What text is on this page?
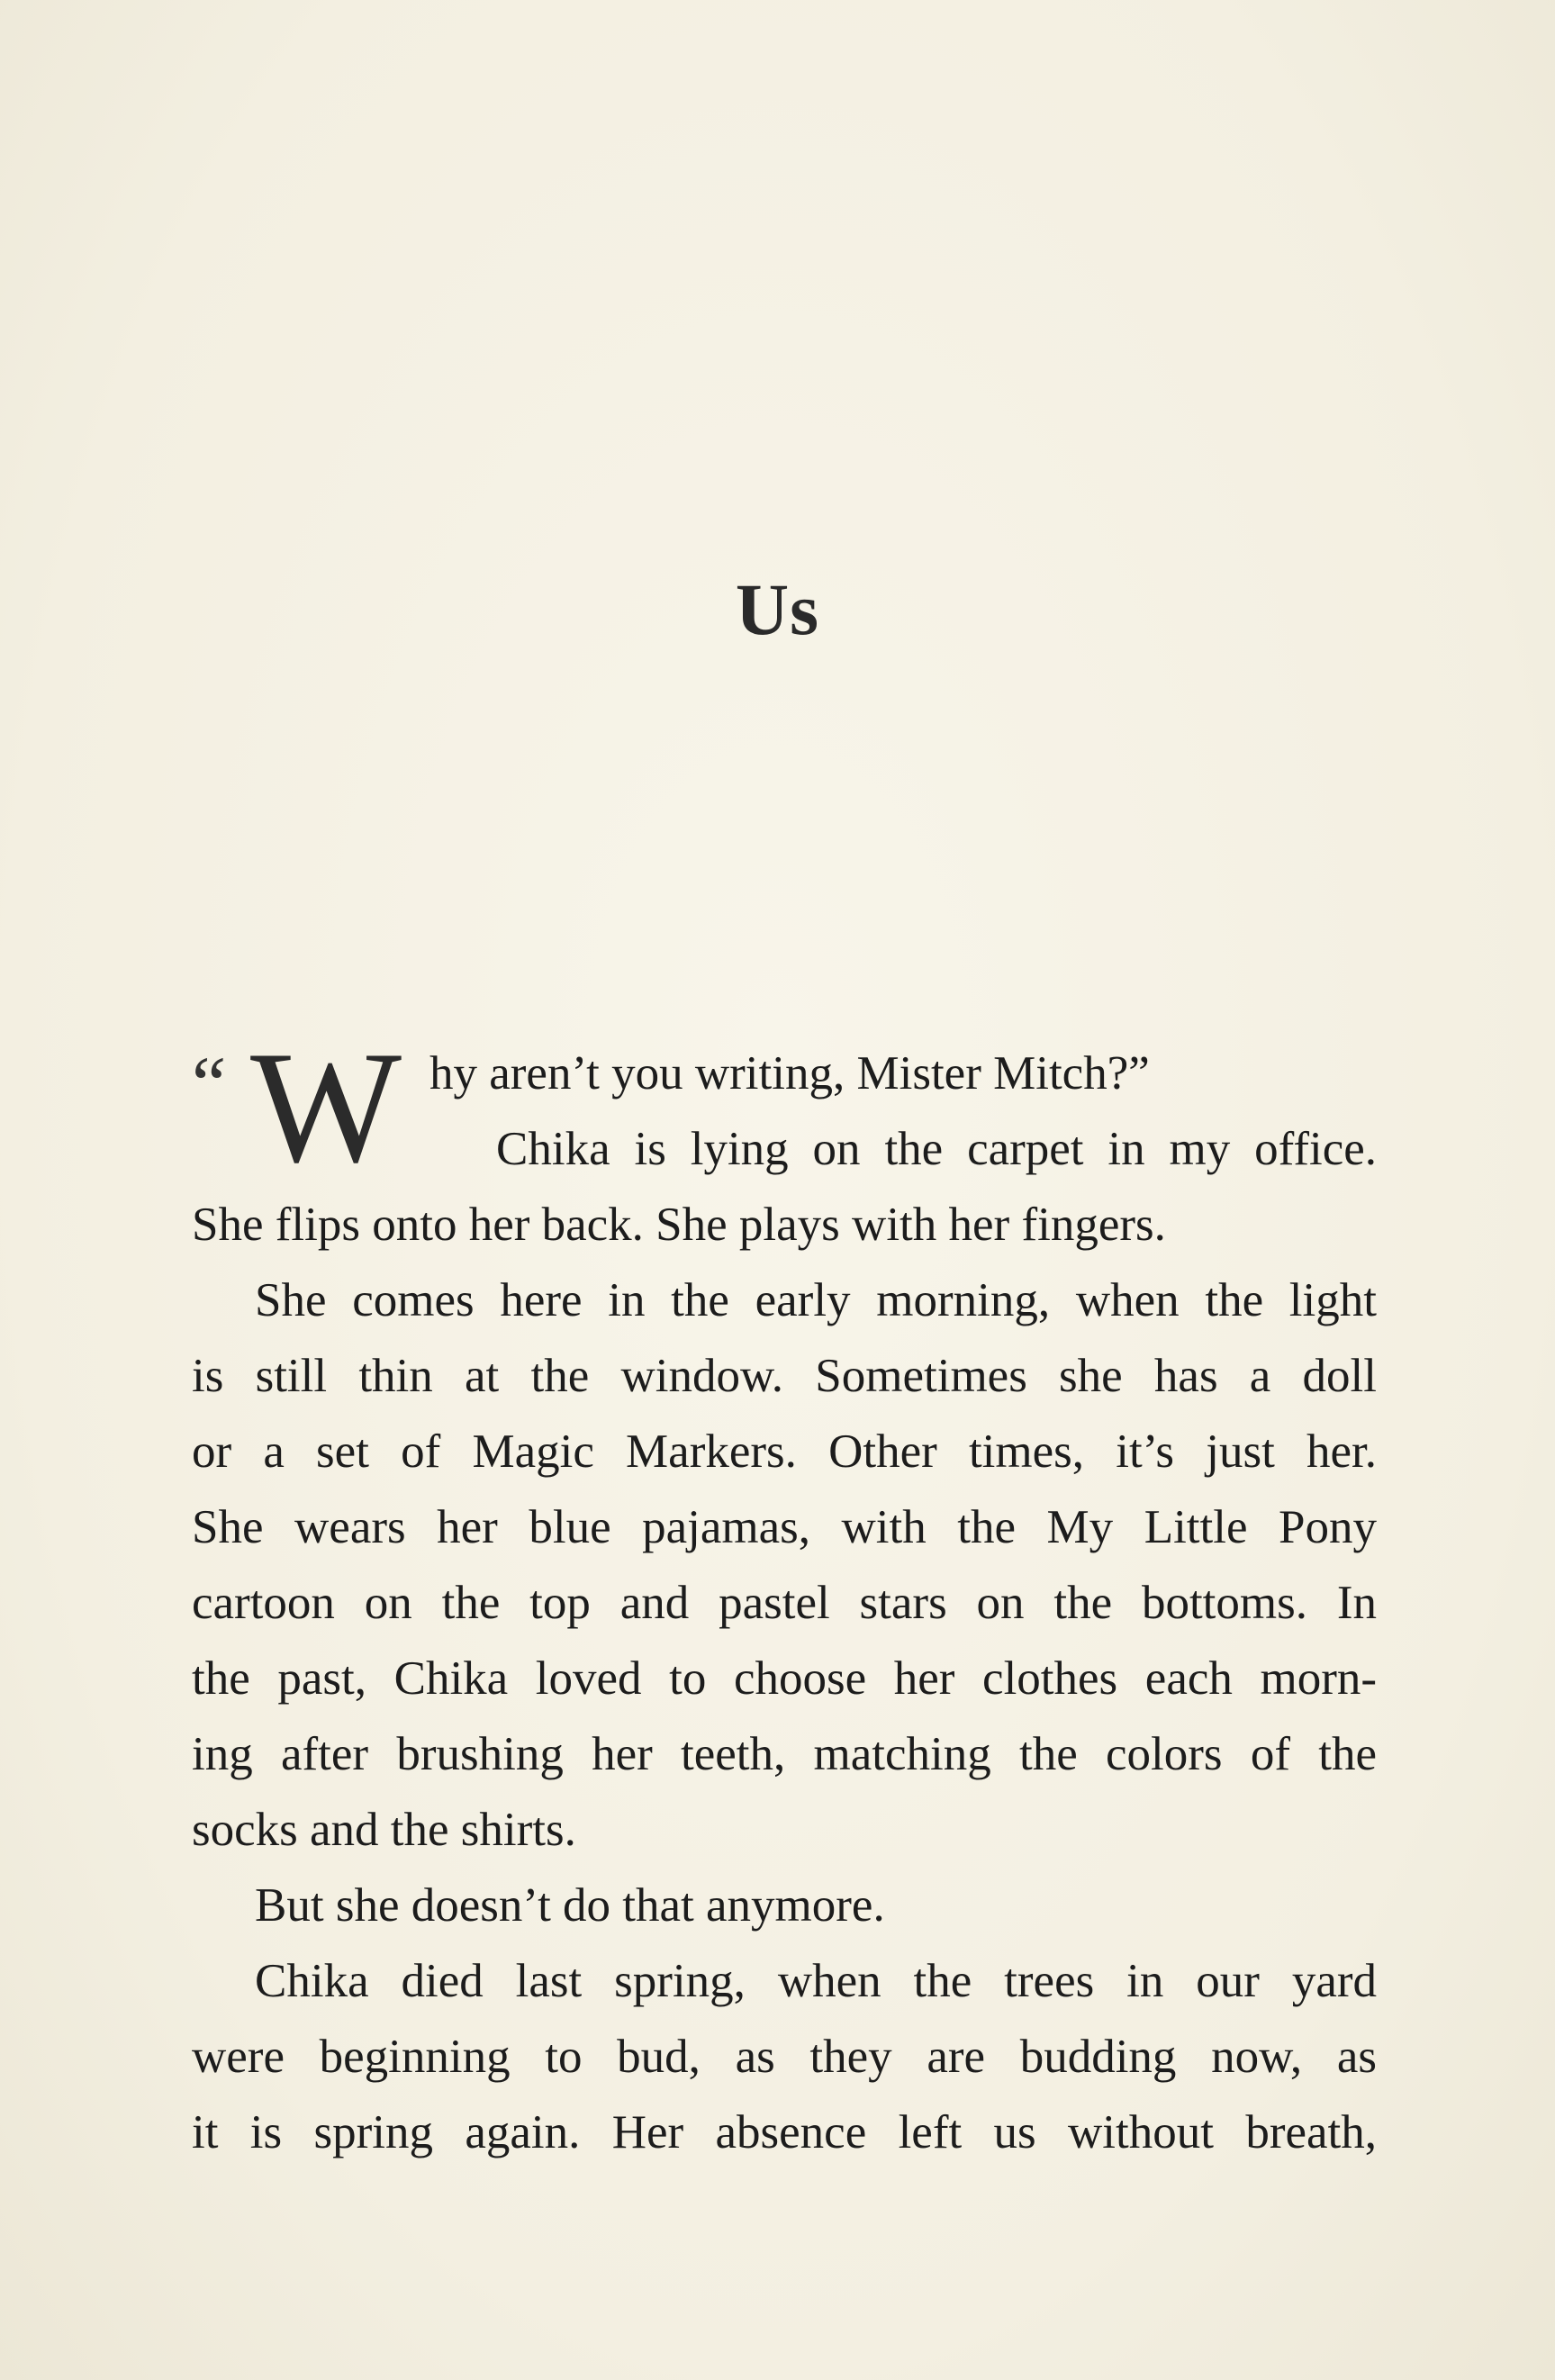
Us
“ W hy aren’t you writing, Mister Mitch?”
Chika is lying on the carpet in my office.
She flips onto her back. She plays with her fingers.
She comes here in the early morning, when the light
is still thin at the window. Sometimes she has a doll
or a set of Magic Markers. Other times, it’s just her.
She wears her blue pajamas, with the My Little Pony
cartoon on the top and pastel stars on the bottoms. In
the past, Chika loved to choose her clothes each morn-
ing after brushing her teeth, matching the colors of the
socks and the shirts.
But she doesn’t do that anymore.
Chika died last spring, when the trees in our yard
were beginning to bud, as they are budding now, as
it is spring again. Her absence left us without breath,
